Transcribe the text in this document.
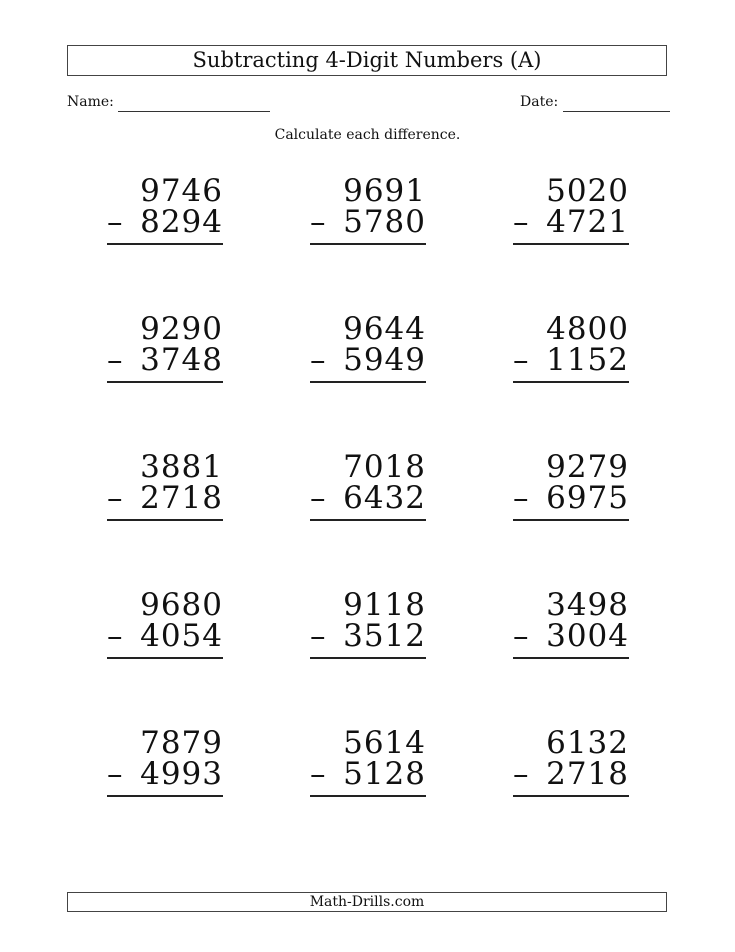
Subtracting 4-Digit Numbers (A)
Name:	Date:
Calculate each difference.
9746
– 8294
9691
– 5780
5020
– 4721
9290
– 3748
9644
– 5949
4800
– 1152
3881
– 2718
7018
– 6432
9279
– 6975
9680
– 4054
9118
– 3512
3498
– 3004
7879
– 4993
5614
– 5128
6132
– 2718
Math-Drills.com
